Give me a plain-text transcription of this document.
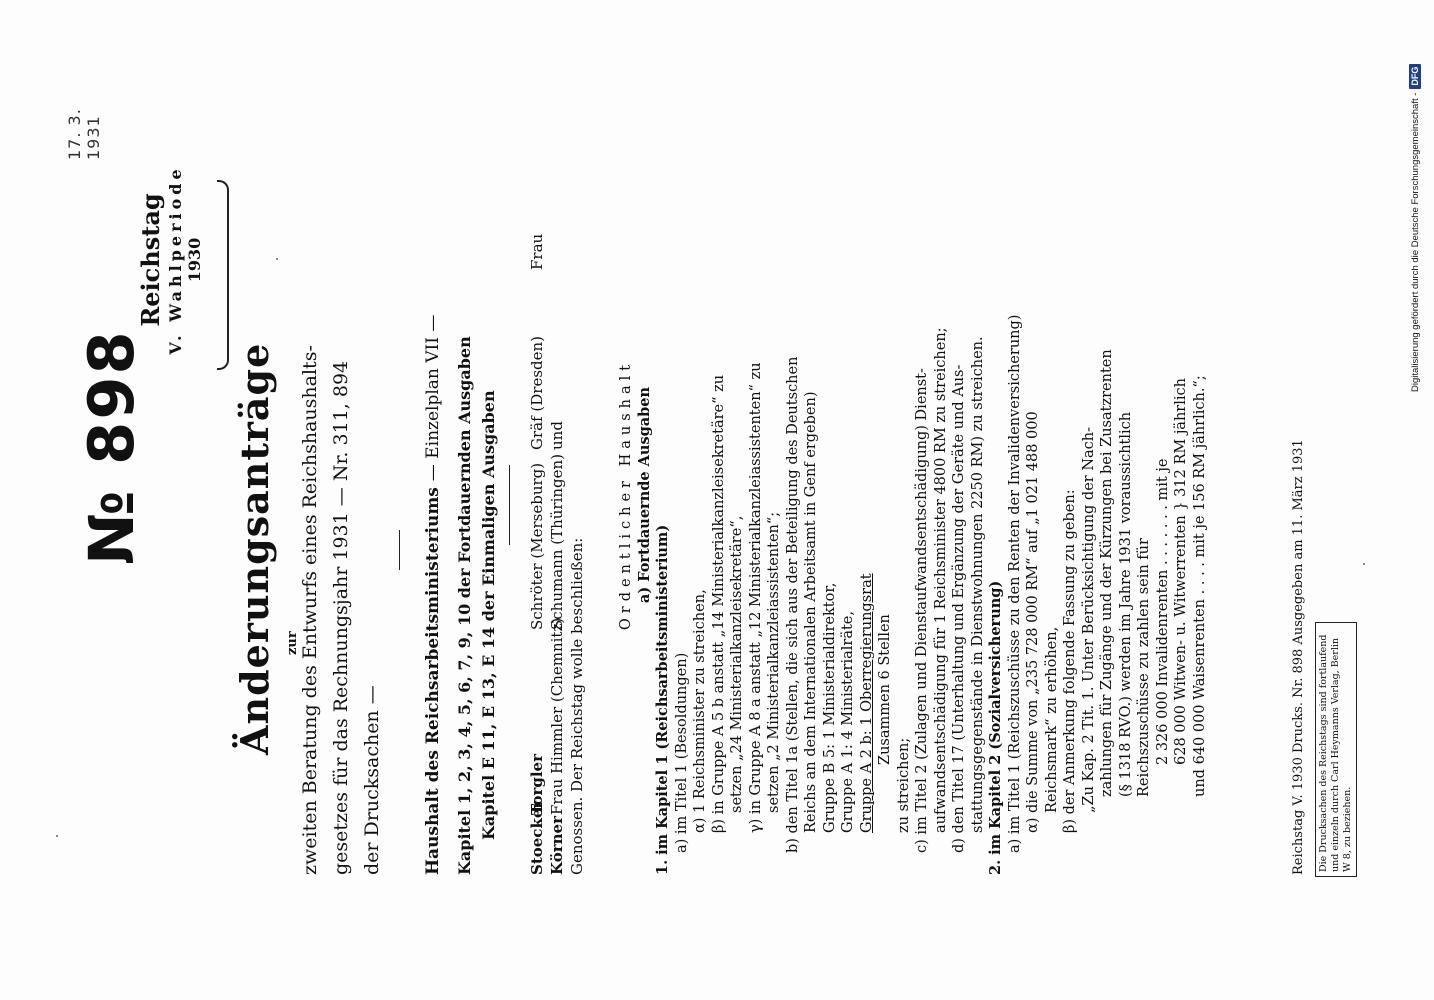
17. 3. 1931
№ 898
Reichstag V. Wahlperiode 1930
Änderungsanträge zur zweiten Beratung des Entwurfs eines Reichshaushalts- gesetzes für das Rechnungsjahr 1931 — Nr. 311, 894 der Drucksachen — Haushalt des Reichsarbeitsministeriums — Einzelplan VII — Kapitel 1, 2, 3, 4, 5, 6, 7, 9, 10 der Fortdauernden Ausgaben Kapitel E 11, E 13, E 14 der Einmaligen Ausgaben StoeckerTorglerSchröter (Merseburg)Gräf (Dresden)Frau
KörnerFrau Himmler (Chemnitz)Schumann (Thüringen)und
Genossen. Der Reichstag wolle beschließen:
Ordentlicher Haushalt a) Fortdauernde Ausgaben
1. im Kapitel 1 (Reichsarbeitsministerium) a) im Titel 1 (Besoldungen) α) 1 Reichsminister zu streichen, β) in Gruppe A 5 b anstatt „14 Ministerialkanzleisekretäre“ zu setzen „24 Ministerialkanzleisekretäre“, γ) in Gruppe A 8 a anstatt „12 Ministerialkanzleiassistenten“ zu setzen „2 Ministerialkanzleiassistenten“; b) den Titel 1a (Stellen, die sich aus der Beteiligung des Deutschen Reichs an dem Internationalen Arbeitsamt in Genf ergeben) Gruppe B 5: 1 Ministerialdirektor, Gruppe A 1: 4 Ministerialräte, Gruppe A 2 b: 1 Oberregierungsrat Zusammen 6 Stellen
zu streichen; c) im Titel 2 (Zulagen und Dienstaufwandsentschädigung) Dienst- aufwandsentschädigung für 1 Reichsminister 4800 RM zu streichen; d) den Titel 17 (Unterhaltung und Ergänzung der Geräte und Aus- stattungsgegenstände in Dienstwohnungen 2250 RM) zu streichen. 2. im Kapitel 2 (Sozialversicherung) a) im Titel 1 (Reichszuschüsse zu den Renten der Invalidenversicherung) α) die Summe von „235 728 000 RM“ auf „1 021 488 000 Reichsmark“ zu erhöhen, β) der Anmerkung folgende Fassung zu geben: „Zu Kap. 2 Tit. 1. Unter Berücksichtigung der Nach- zahlungen für Zugänge und der Kürzungen bei Zusatzrenten (§ 1318 RVO.) werden im Jahre 1931 voraussichtlich Reichszuschüsse zu zahlen sein für 2 326 000 Invalidenrenten . . . . . . . mit je 628 000 Witwen- u. Witwerrenten } 312 RM jährlich und 640 000 Waisenrenten . . . . mit je 156 RM jährlich.“;	Reichstag V. 1930 Drucks. Nr. 898 Ausgegeben am 11. März 1931	Die Drucksachen des Reichstags sind fortlaufend und einzeln durch Carl Heymanns Verlag, Berlin W 8, zu beziehen.
Digitalisierung gefördert durch die Deutsche Forschungsgemeinschaft -
DFG
